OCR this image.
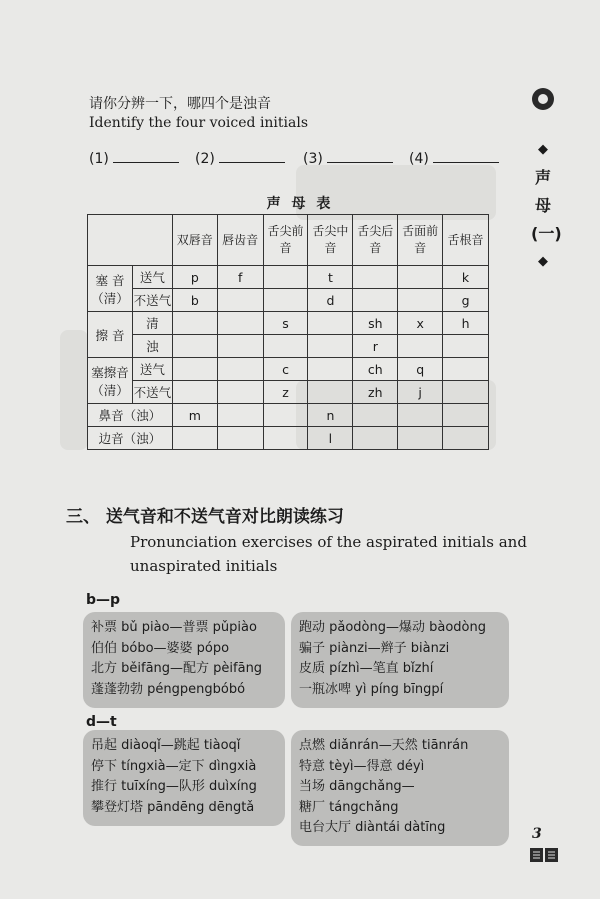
◆
声母(一)
◆
请你分辨一下，哪四个是浊音
Identify the four voiced initials
(1)	(2)	(3)	(4)
声 母 表
		双唇音	唇齿音	舌尖前音	舌尖中音	舌尖后音	舌面前音	舌根音
塞 音（清）	送气	p	f		t			k
	不送气	b			d			g
擦 音	清			s		sh	x	h
	浊					r		
塞擦音（清）	送气			c		ch	q	
	不送气			z		zh	j	
鼻音（浊）		m			n			
边音（浊）					l			
三、 送气音和不送气音对比朗读练习
Pronunciation exercises of the aspirated initials and unaspirated initials
b—p
补票 bǔ piào—普票 pǔpiào
伯伯 bóbo—婆婆 pópo
北方 běifāng—配方 pèifāng
蓬蓬勃勃 péngpengbóbó
跑动 pǎodòng—爆动 bàodòng
骗子 piànzi—辫子 biànzi
皮质 pízhì—笔直 bǐzhí
一瓶冰啤 yì píng bīngpí
d—t
吊起 diàoqǐ—跳起 tiàoqǐ
停下 tíngxià—定下 dìngxià
推行 tuīxíng—队形 duìxíng
攀登灯塔 pāndēng dēngtǎ
点燃 diǎnrán—天然 tiānrán
特意 tèyì—得意 déyì
当场 dāngchǎng—
糖厂 tángchǎng
电台大厅 diàntái dàtīng	3
